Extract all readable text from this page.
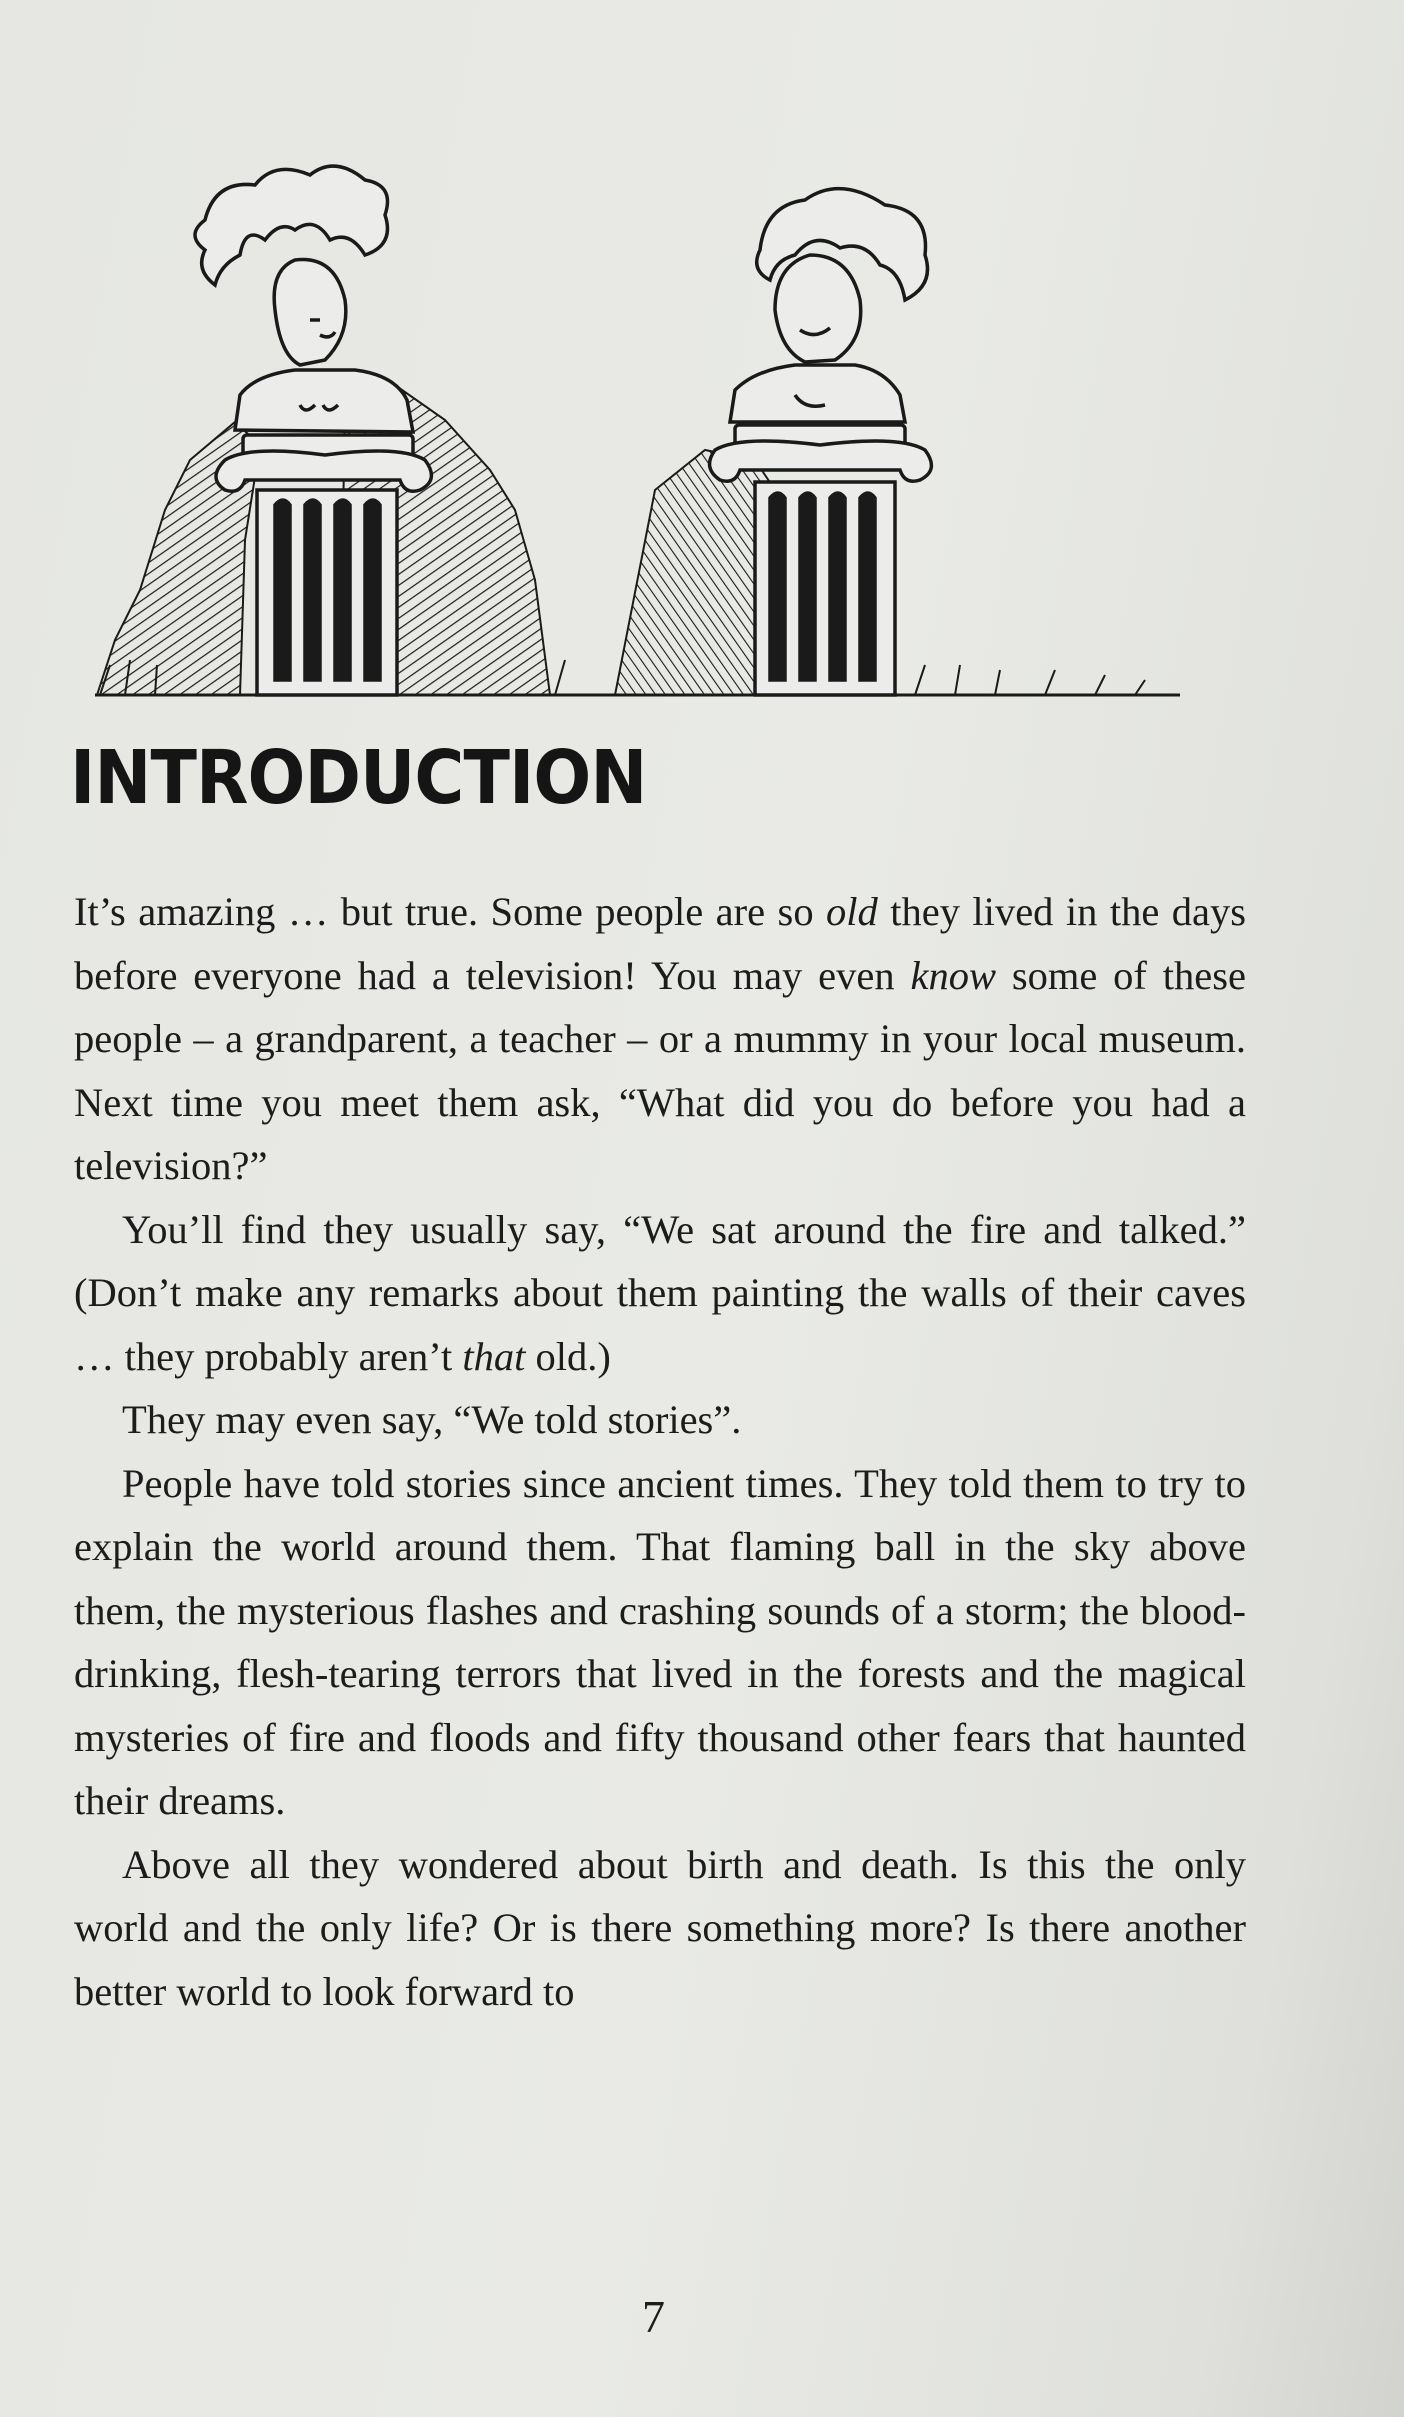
INTRODUCTION

It’s amazing … but true. Some people are so old they lived in the days before everyone had a television! You may even know some of these people – a grandparent, a teacher – or a mummy in your local museum. Next time you meet them ask, “What did you do before you had a television?”

You’ll find they usually say, “We sat around the fire and talked.” (Don’t make any remarks about them painting the walls of their caves … they probably aren’t that old.)

They may even say, “We told stories”.

People have told stories since ancient times. They told them to try to explain the world around them. That flaming ball in the sky above them, the mysterious flashes and crashing sounds of a storm; the blood-drinking, flesh-tearing terrors that lived in the forests and the magical mysteries of fire and floods and fifty thousand other fears that haunted their dreams.

Above all they wondered about birth and death. Is this the only world and the only life? Or is there something more? Is there another better world to look forward to

7
